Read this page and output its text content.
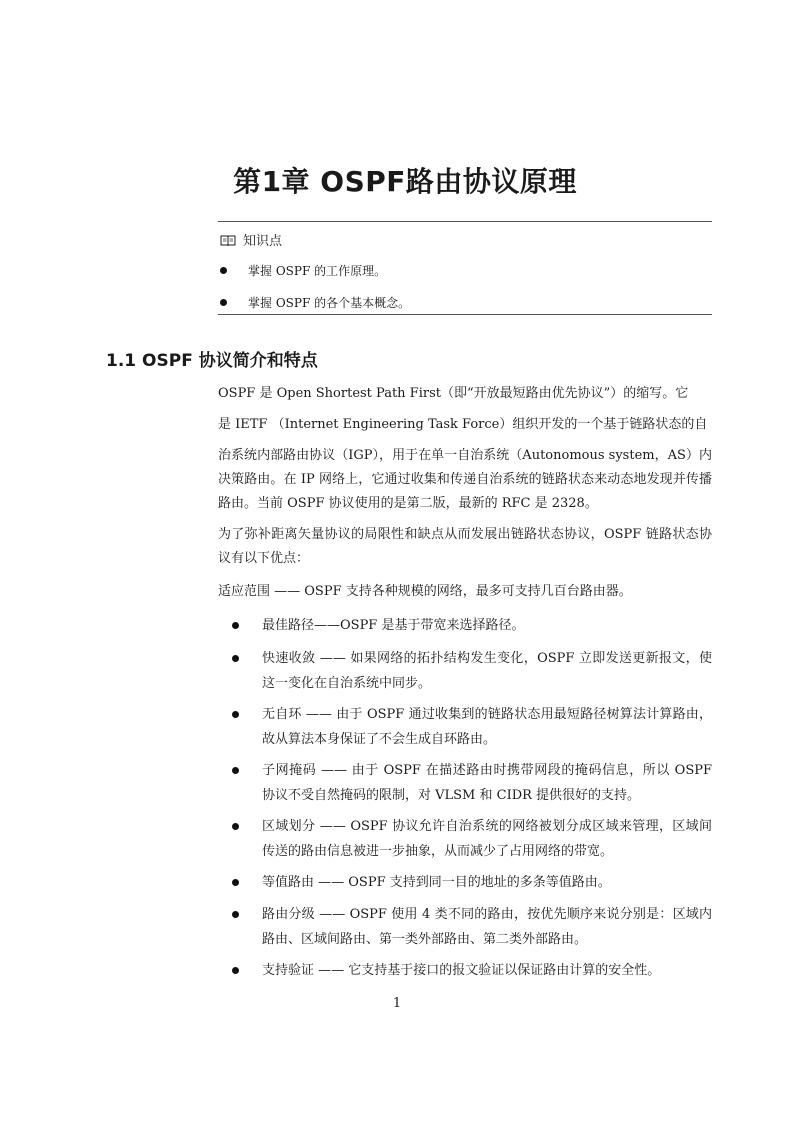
第1章 OSPF路由协议原理
知识点
掌握 OSPF 的工作原理。
掌握 OSPF 的各个基本概念。
1.1 OSPF 协议简介和特点

OSPF 是 Open Shortest Path First（即“开放最短路由优先协议”）的缩写。它

是 IETF （Internet Engineering Task Force）组织开发的一个基于链路状态的自

治系统内部路由协议（IGP），用于在单一自治系统（Autonomous system，AS）内决策路由。在 IP 网络上，它通过收集和传递自治系统的链路状态来动态地发现并传播路由。当前 OSPF 协议使用的是第二版，最新的 RFC 是 2328。

为了弥补距离矢量协议的局限性和缺点从而发展出链路状态协议，OSPF 链路状态协议有以下优点：

适应范围 —— OSPF 支持各种规模的网络，最多可支持几百台路由器。

最佳路径——OSPF 是基于带宽来选择路径。
快速收敛 —— 如果网络的拓扑结构发生变化，OSPF 立即发送更新报文，使这一变化在自治系统中同步。
无自环 —— 由于 OSPF 通过收集到的链路状态用最短路径树算法计算路由，故从算法本身保证了不会生成自环路由。
子网掩码 —— 由于 OSPF 在描述路由时携带网段的掩码信息，所以 OSPF 协议不受自然掩码的限制，对 VLSM 和 CIDR 提供很好的支持。
区域划分 —— OSPF 协议允许自治系统的网络被划分成区域来管理，区域间传送的路由信息被进一步抽象，从而减少了占用网络的带宽。
等值路由 —— OSPF 支持到同一目的地址的多条等值路由。
路由分级 —— OSPF 使用 4 类不同的路由，按优先顺序来说分别是：区域内路由、区域间路由、第一类外部路由、第二类外部路由。
支持验证 —— 它支持基于接口的报文验证以保证路由计算的安全性。
1
